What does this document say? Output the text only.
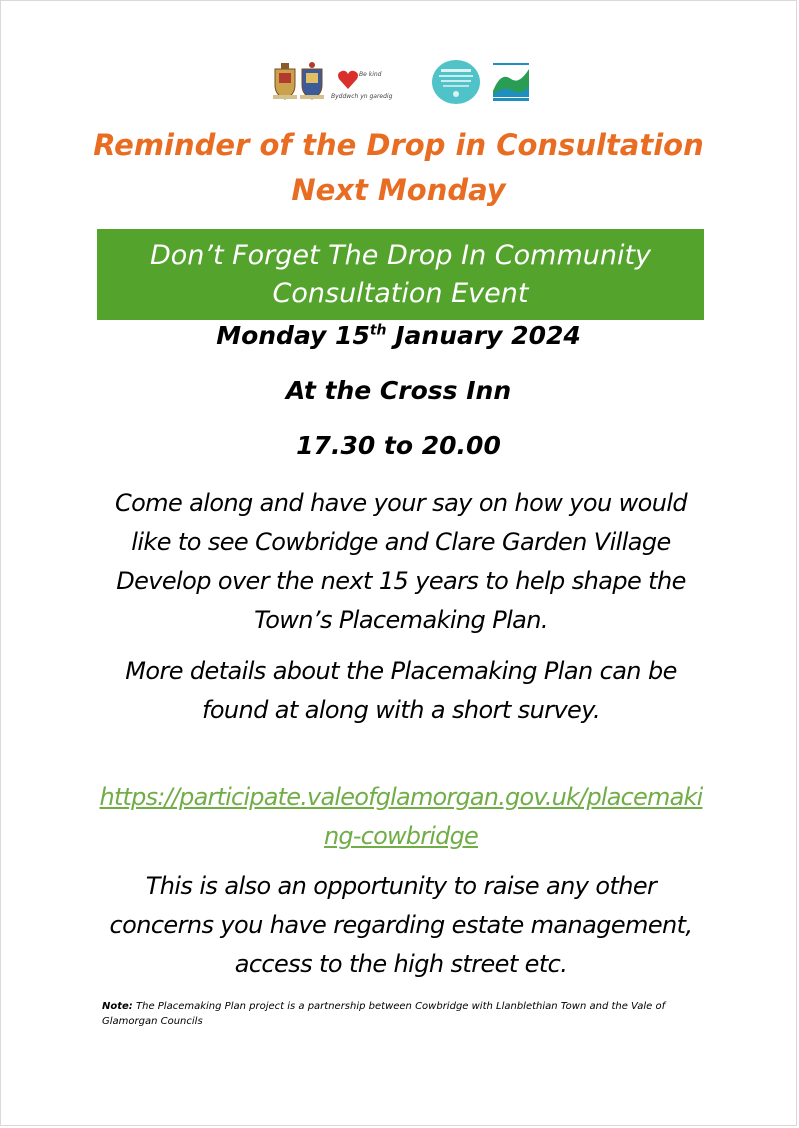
Be kind
Byddwch yn garedig
Reminder of the Drop in Consultation
Next Monday
Don’t Forget The Drop In Community
Consultation Event
Monday 15th January 2024
At the Cross Inn
17.30 to 20.00
Come along and have your say on how you would like to see Cowbridge and Clare Garden Village Develop over the next 15 years to help shape the Town’s Placemaking Plan.
More details about the Placemaking Plan can be found at along with a short survey.
https://participate.valeofglamorgan.gov.uk/placemaking-cowbridge
This is also an opportunity to raise any other concerns you have regarding estate management, access to the high street etc.
Note: The Placemaking Plan project is a partnership between Cowbridge with Llanblethian Town and the Vale of Glamorgan Councils
